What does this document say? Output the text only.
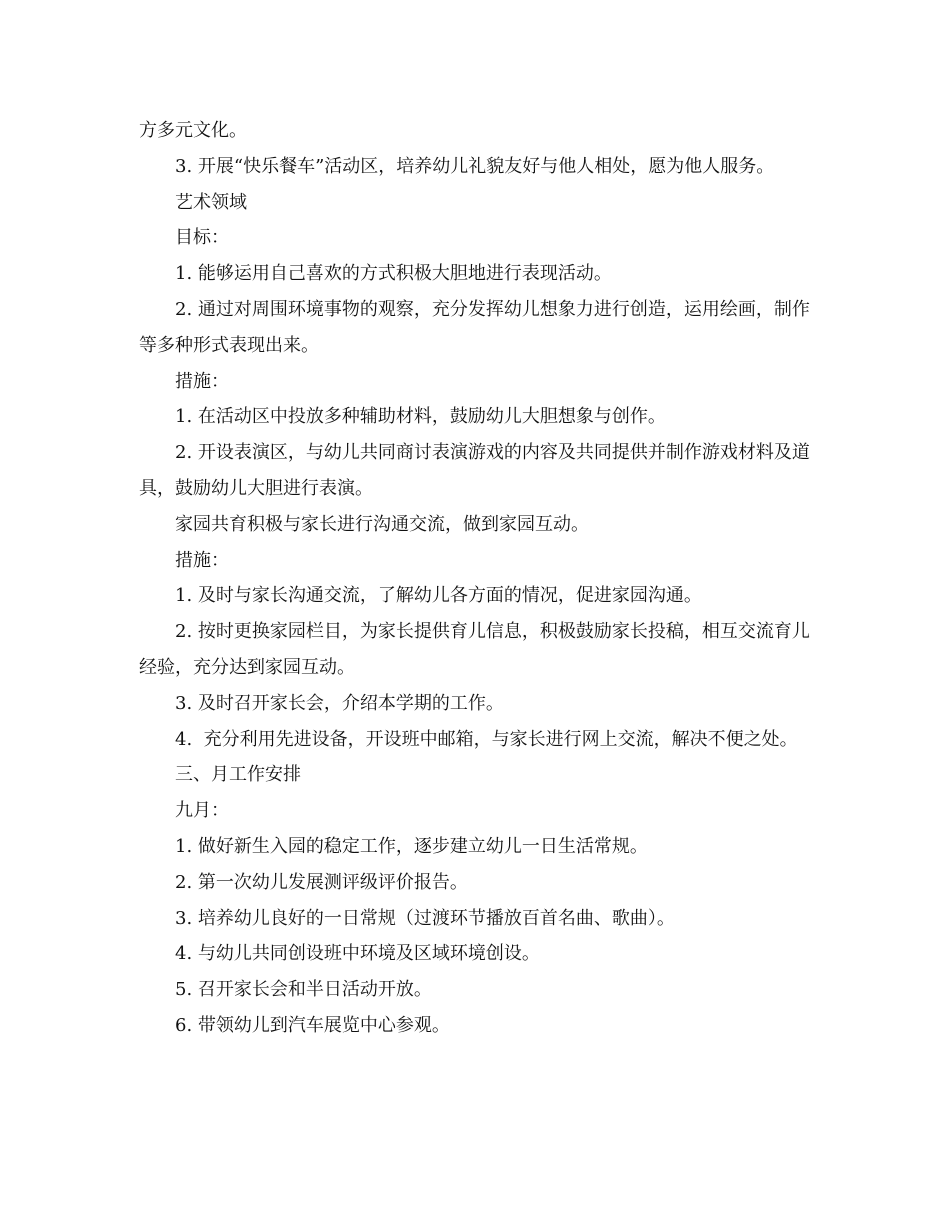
方多元文化。

3. 开展“快乐餐车”活动区，培养幼儿礼貌友好与他人相处，愿为他人服务。

艺术领域

目标：

1. 能够运用自己喜欢的方式积极大胆地进行表现活动。

2. 通过对周围环境事物的观察，充分发挥幼儿想象力进行创造，运用绘画，制作等多种形式表现出来。

措施：

1. 在活动区中投放多种辅助材料，鼓励幼儿大胆想象与创作。

2. 开设表演区，与幼儿共同商讨表演游戏的内容及共同提供并制作游戏材料及道具，鼓励幼儿大胆进行表演。

家园共育积极与家长进行沟通交流，做到家园互动。

措施：

1. 及时与家长沟通交流，了解幼儿各方面的情况，促进家园沟通。

2. 按时更换家园栏目，为家长提供育儿信息，积极鼓励家长投稿，相互交流育儿经验，充分达到家园互动。

3. 及时召开家长会，介绍本学期的工作。

4.  充分利用先进设备，开设班中邮箱，与家长进行网上交流，解决不便之处。

三、月工作安排

九月：

1. 做好新生入园的稳定工作，逐步建立幼儿一日生活常规。

2. 第一次幼儿发展测评级评价报告。

3. 培养幼儿良好的一日常规（过渡环节播放百首名曲、歌曲）。

4. 与幼儿共同创设班中环境及区域环境创设。

5. 召开家长会和半日活动开放。

6. 带领幼儿到汽车展览中心参观。
